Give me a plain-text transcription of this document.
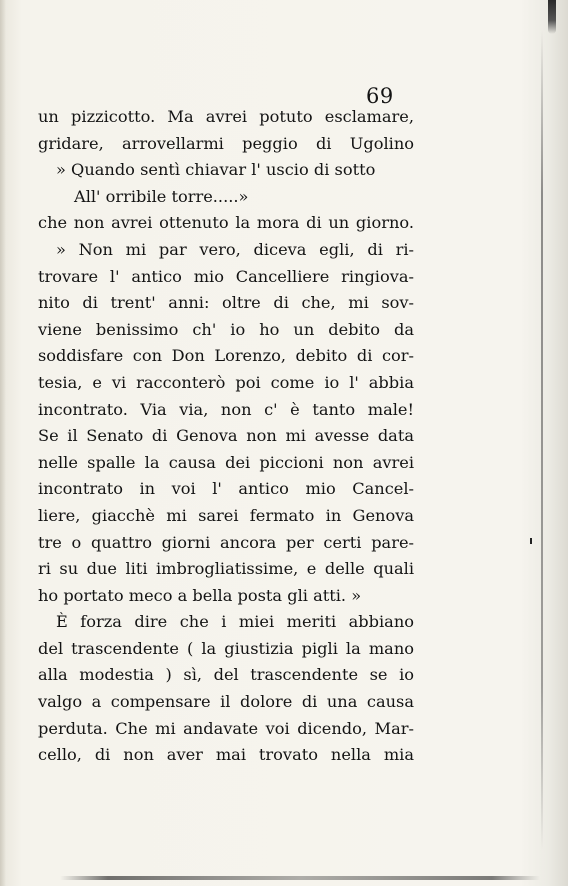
69
un pizzicotto. Ma avrei potuto esclamare,
gridare, arrovellarmi peggio di Ugolino
» Quando sentì chiavar l' uscio di sotto
All' orribile torre.....»
che non avrei ottenuto la mora di un giorno.
» Non mi par vero, diceva egli, di ri-
trovare l' antico mio Cancelliere ringiova-
nito di trent' anni: oltre di che, mi sov-
viene benissimo ch' io ho un debito da
soddisfare con Don Lorenzo, debito di cor-
tesia, e vi racconterò poi come io l' abbia
incontrato. Via via, non c' è tanto male!
Se il Senato di Genova non mi avesse data
nelle spalle la causa dei piccioni non avrei
incontrato in voi l' antico mio Cancel-
liere, giacchè mi sarei fermato in Genova
tre o quattro giorni ancora per certi pare-
ri su due liti imbrogliatissime, e delle quali
ho portato meco a bella posta gli atti. »
È forza dire che i miei meriti abbiano
del trascendente ( la giustizia pigli la mano
alla modestia ) sì, del trascendente se io
valgo a compensare il dolore di una causa
perduta. Che mi andavate voi dicendo, Mar-
cello, di non aver mai trovato nella mia
